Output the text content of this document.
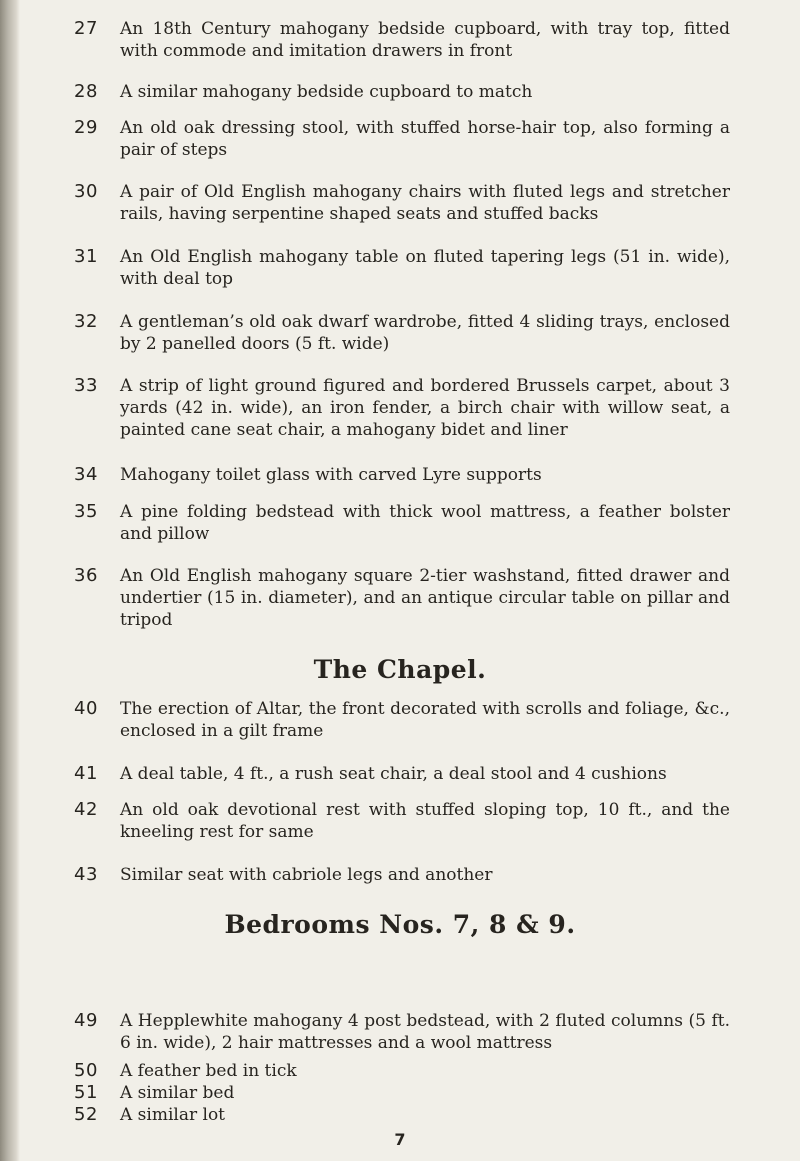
27	An 18th Century mahogany bedside cupboard, with tray top, fitted with commode and imitation drawers in front
28	A similar mahogany bedside cupboard to match
29	An old oak dressing stool, with stuffed horse-hair top, also forming a pair of steps
30	A pair of Old English mahogany chairs with fluted legs and stretcher rails, having serpentine shaped seats and stuffed backs
31	An Old English mahogany table on fluted tapering legs (51 in. wide), with deal top
32	A gentleman’s old oak dwarf wardrobe, fitted 4 sliding trays, enclosed by 2 panelled doors (5 ft. wide)
33	A strip of light ground figured and bordered Brussels carpet, about 3 yards (42 in. wide), an iron fender, a birch chair with willow seat, a painted cane seat chair, a mahogany bidet and liner
34	Mahogany toilet glass with carved Lyre supports
35	A pine folding bedstead with thick wool mattress, a feather bolster and pillow
36	An Old English mahogany square 2-tier washstand, fitted drawer and undertier (15 in. diameter), and an antique circular table on pillar and tripod
The Chapel.
40	The erection of Altar, the front decorated with scrolls and foliage, &c., enclosed in a gilt frame
41	A deal table, 4 ft., a rush seat chair, a deal stool and 4 cushions
42	An old oak devotional rest with stuffed sloping top, 10 ft., and the kneeling rest for same
43	Similar seat with cabriole legs and another
Bedrooms Nos. 7, 8 & 9.
49	A Hepplewhite mahogany 4 post bedstead, with 2 fluted columns (5 ft. 6 in. wide), 2 hair mattresses and a wool mattress
50	A feather bed in tick
51	A similar bed
52	A similar lot
7
